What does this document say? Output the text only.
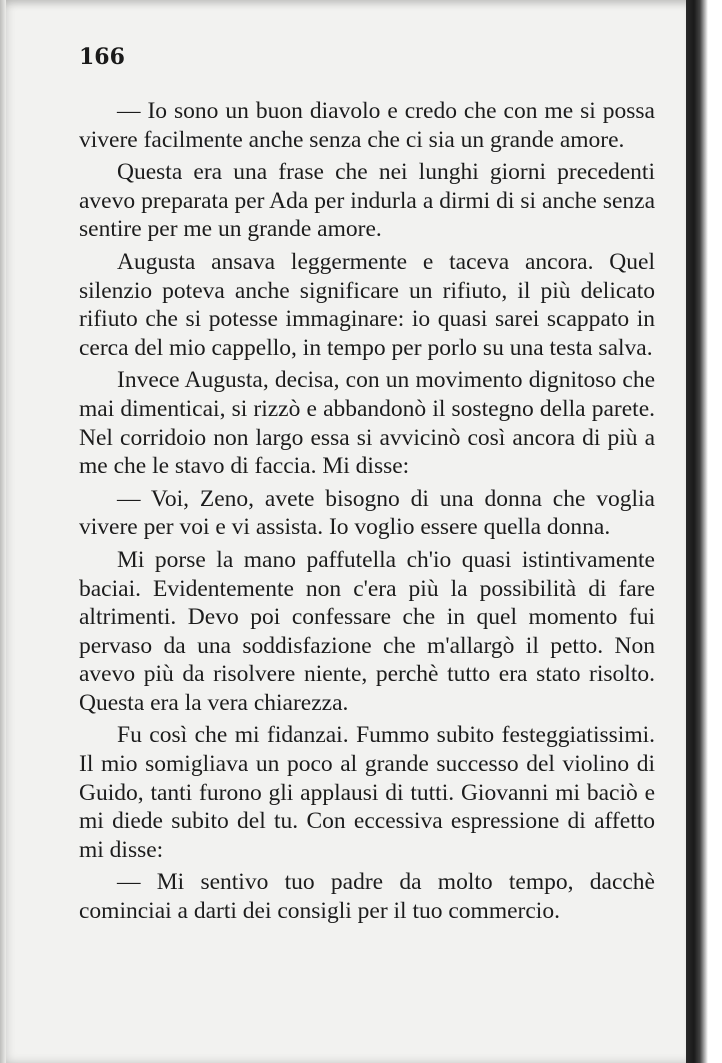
166

— Io sono un buon diavolo e credo che con me si possa vivere facilmente anche senza che ci sia un grande amore.

Questa era una frase che nei lunghi giorni precedenti avevo preparata per Ada per indurla a dirmi di si anche senza sentire per me un grande amore.

Augusta ansava leggermente e taceva ancora. Quel silenzio poteva anche significare un rifiuto, il più delicato rifiuto che si potesse immaginare: io quasi sarei scappato in cerca del mio cappello, in tempo per porlo su una testa salva.

Invece Augusta, decisa, con un movimento dignitoso che mai dimenticai, si rizzò e abbandonò il sostegno della parete. Nel corridoio non largo essa si avvicinò così ancora di più a me che le stavo di faccia. Mi disse:

— Voi, Zeno, avete bisogno di una donna che voglia vivere per voi e vi assista. Io voglio essere quella donna.

Mi porse la mano paffutella ch'io quasi istintivamente baciai. Evidentemente non c'era più la possibilità di fare altrimenti. Devo poi confessare che in quel momento fui pervaso da una soddisfazione che m'allargò il petto. Non avevo più da risolvere niente, perchè tutto era stato risolto. Questa era la vera chiarezza.

Fu così che mi fidanzai. Fummo subito festeggiatissimi. Il mio somigliava un poco al grande successo del violino di Guido, tanti furono gli applausi di tutti. Giovanni mi baciò e mi diede subito del tu. Con eccessiva espressione di affetto mi disse:

— Mi sentivo tuo padre da molto tempo, dacchè cominciai a darti dei consigli per il tuo commercio.
